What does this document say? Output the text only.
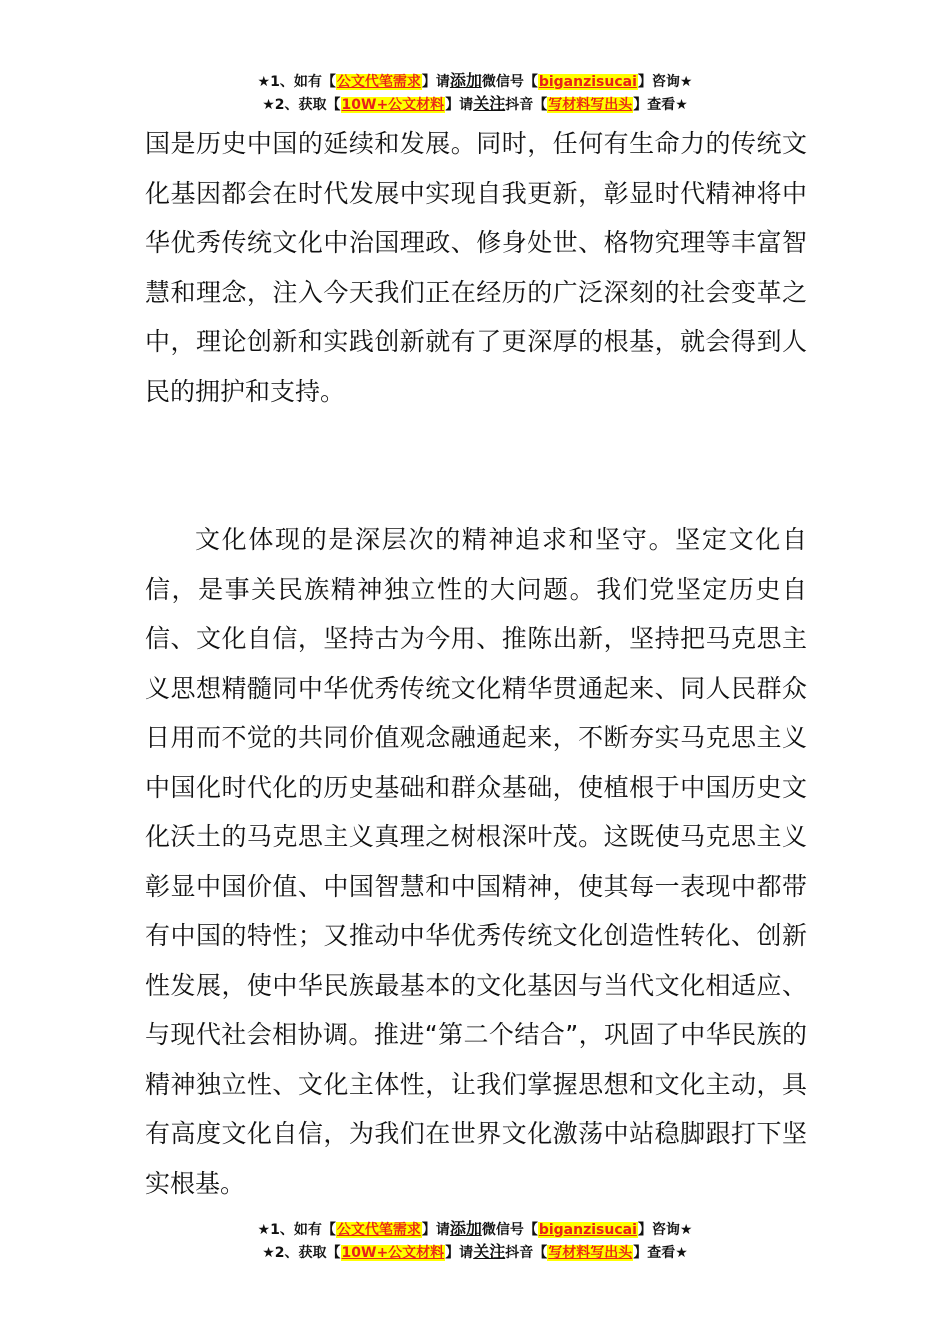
★1、如有【公文代笔需求】请添加微信号【biganzisucai】咨询★
★2、获取【10W+公文材料】请关注抖音【写材料写出头】查看★

国是历史中国的延续和发展。同时，任何有生命力的传统文化基因都会在时代发展中实现自我更新，彰显时代精神将中华优秀传统文化中治国理政、修身处世、格物究理等丰富智慧和理念，注入今天我们正在经历的广泛深刻的社会变革之中，理论创新和实践创新就有了更深厚的根基，就会得到人民的拥护和支持。

文化体现的是深层次的精神追求和坚守。坚定文化自信，是事关民族精神独立性的大问题。我们党坚定历史自信、文化自信，坚持古为今用、推陈出新，坚持把马克思主义思想精髓同中华优秀传统文化精华贯通起来、同人民群众日用而不觉的共同价值观念融通起来，不断夯实马克思主义中国化时代化的历史基础和群众基础，使植根于中国历史文化沃土的马克思主义真理之树根深叶茂。这既使马克思主义彰显中国价值、中国智慧和中国精神，使其每一表现中都带有中国的特性；又推动中华优秀传统文化创造性转化、创新性发展，使中华民族最基本的文化基因与当代文化相适应、与现代社会相协调。推进“第二个结合”，巩固了中华民族的精神独立性、文化主体性，让我们掌握思想和文化主动，具有高度文化自信，为我们在世界文化激荡中站稳脚跟打下坚实根基。

★1、如有【公文代笔需求】请添加微信号【biganzisucai】咨询★
★2、获取【10W+公文材料】请关注抖音【写材料写出头】查看★
